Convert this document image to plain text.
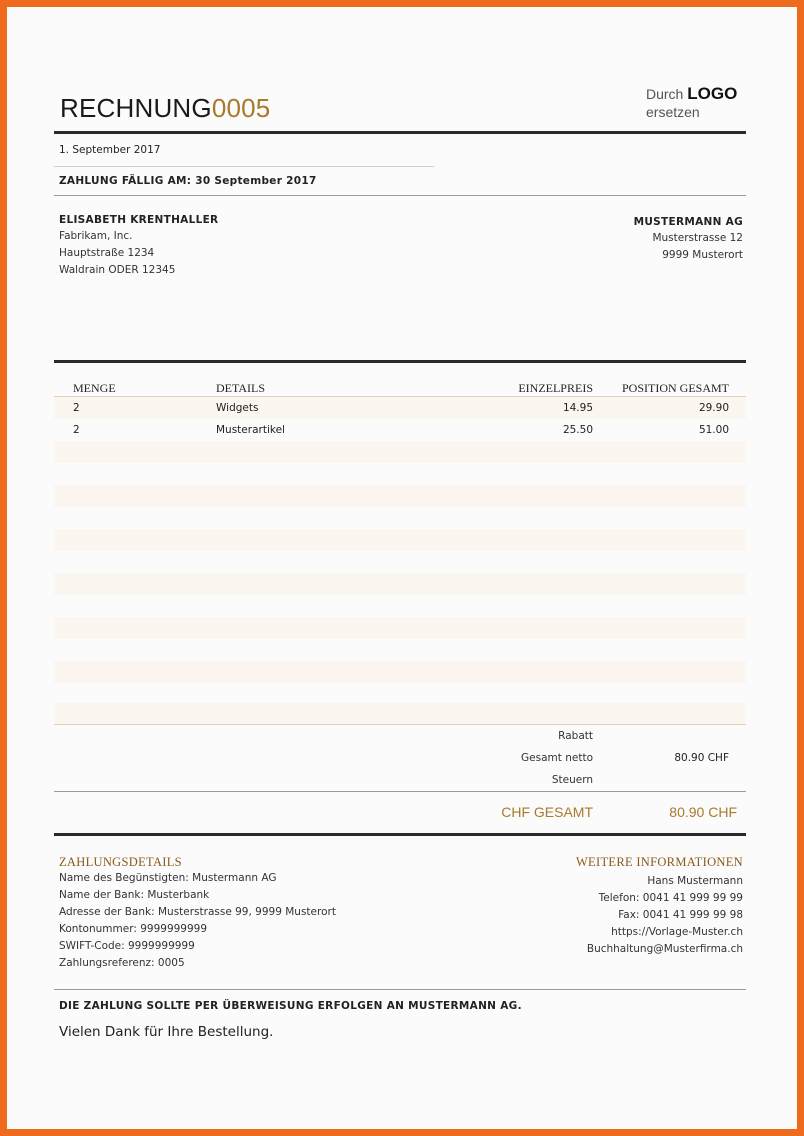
RECHNUNG0005	Durch LOGO
ersetzen
1. September 2017
ZAHLUNG FÄLLIG AM: 30 September 2017
ELISABETH KRENTHALLER
Fabrikam, Inc.
Hauptstraße 1234
Waldrain ODER 12345
MUSTERMANN AG
Musterstrasse 12
9999 Musterort
MENGE	DETAILS	EINZELPREIS	POSITION GESAMT
2	Widgets	14.95	29.90
2	Musterartikel	25.50	51.00
Rabatt
Gesamt netto	80.90 CHF
Steuern
CHF GESAMT	80.90 CHF
ZAHLUNGSDETAILS
Name des Begünstigten: Mustermann AG
Name der Bank: Musterbank
Adresse der Bank: Musterstrasse 99, 9999 Musterort
Kontonummer: 9999999999
SWIFT-Code: 9999999999
Zahlungsreferenz: 0005
WEITERE INFORMATIONEN
Hans Mustermann
Telefon: 0041 41 999 99 99
Fax: 0041 41 999 99 98
https://Vorlage-Muster.ch
Buchhaltung@Musterfirma.ch
DIE ZAHLUNG SOLLTE PER ÜBERWEISUNG ERFOLGEN AN MUSTERMANN AG.
Vielen Dank für Ihre Bestellung.
